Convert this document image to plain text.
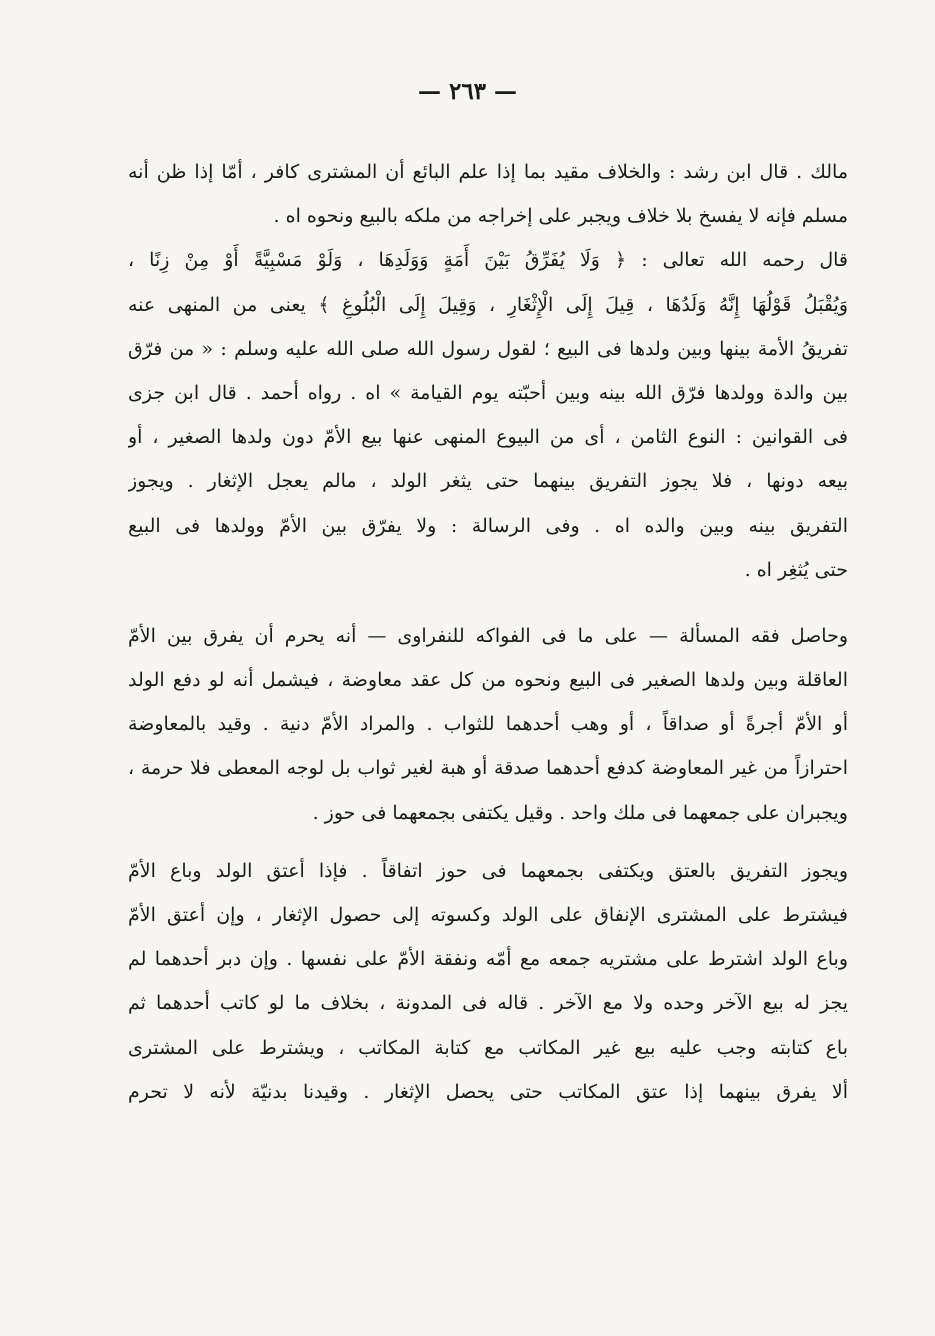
— ٢٦٣ —
مالك . قال ابن رشد : والخلاف مقيد بما إذا علم البائع أن المشترى كافر ، أمّا إذا ظن أنه
مسلم فإنه لا يفسخ بلا خلاف ويجبر على إخراجه من ملكه بالبيع ونحوه اه .
قال رحمه الله تعالى : ﴿ وَلَا يُفَرِّقُ بَيْنَ أَمَةٍ وَوَلَدِهَا ، وَلَوْ مَسْبِيَّةً أَوْ مِنْ زِنًا ،
وَيُقْبَلُ قَوْلُهَا إِنَّهُ وَلَدُهَا ، قِيلَ إِلَى الْإِثْغَارِ ، وَقِيلَ إِلَى الْبُلُوغِ ﴾ يعنى من المنهى عنه
تفريقُ الأمة بينها وبين ولدها فى البيع ؛ لقول رسول الله صلى الله عليه وسلم : « من فرّق
بين والدة وولدها فرّق الله بينه وبين أحبّته يوم القيامة » اه . رواه أحمد . قال ابن جزى
فى القوانين : النوع الثامن ، أى من البيوع المنهى عنها بيع الأمّ دون ولدها الصغير ، أو
بيعه دونها ، فلا يجوز التفريق بينهما حتى يثغر الولد ، مالم يعجل الإثغار . ويجوز
التفريق بينه وبين والده اه . وفى الرسالة : ولا يفرّق بين الأمّ وولدها فى البيع
حتى يُثغِر اه .
وحاصل فقه المسألة — على ما فى الفواكه للنفراوى — أنه يحرم أن يفرق بين الأمّ
العاقلة وبين ولدها الصغير فى البيع ونحوه من كل عقد معاوضة ، فيشمل أنه لو دفع الولد
أو الأمّ أجرةً أو صداقاً ، أو وهب أحدهما للثواب . والمراد الأمّ دنية . وقيد بالمعاوضة
احترازاً من غير المعاوضة كدفع أحدهما صدقة أو هبة لغير ثواب بل لوجه المعطى فلا حرمة ،
ويجبران على جمعهما فى ملك واحد . وقيل يكتفى بجمعهما فى حوز .
ويجوز التفريق بالعتق ويكتفى بجمعهما فى حوز اتفاقاً . فإذا أعتق الولد وباع الأمّ
فيشترط على المشترى الإنفاق على الولد وكسوته إلى حصول الإثغار ، وإن أعتق الأمّ
وباع الولد اشترط على مشتريه جمعه مع أمّه ونفقة الأمّ على نفسها . وإن دبر أحدهما لم
يجز له بيع الآخر وحده ولا مع الآخر . قاله فى المدونة ، بخلاف ما لو كاتب أحدهما ثم
باع كتابته وجب عليه بيع غير المكاتب مع كتابة المكاتب ، ويشترط على المشترى
ألا يفرق بينهما إذا عتق المكاتب حتى يحصل الإثغار . وقيدنا بدنيّة لأنه لا تحرم
